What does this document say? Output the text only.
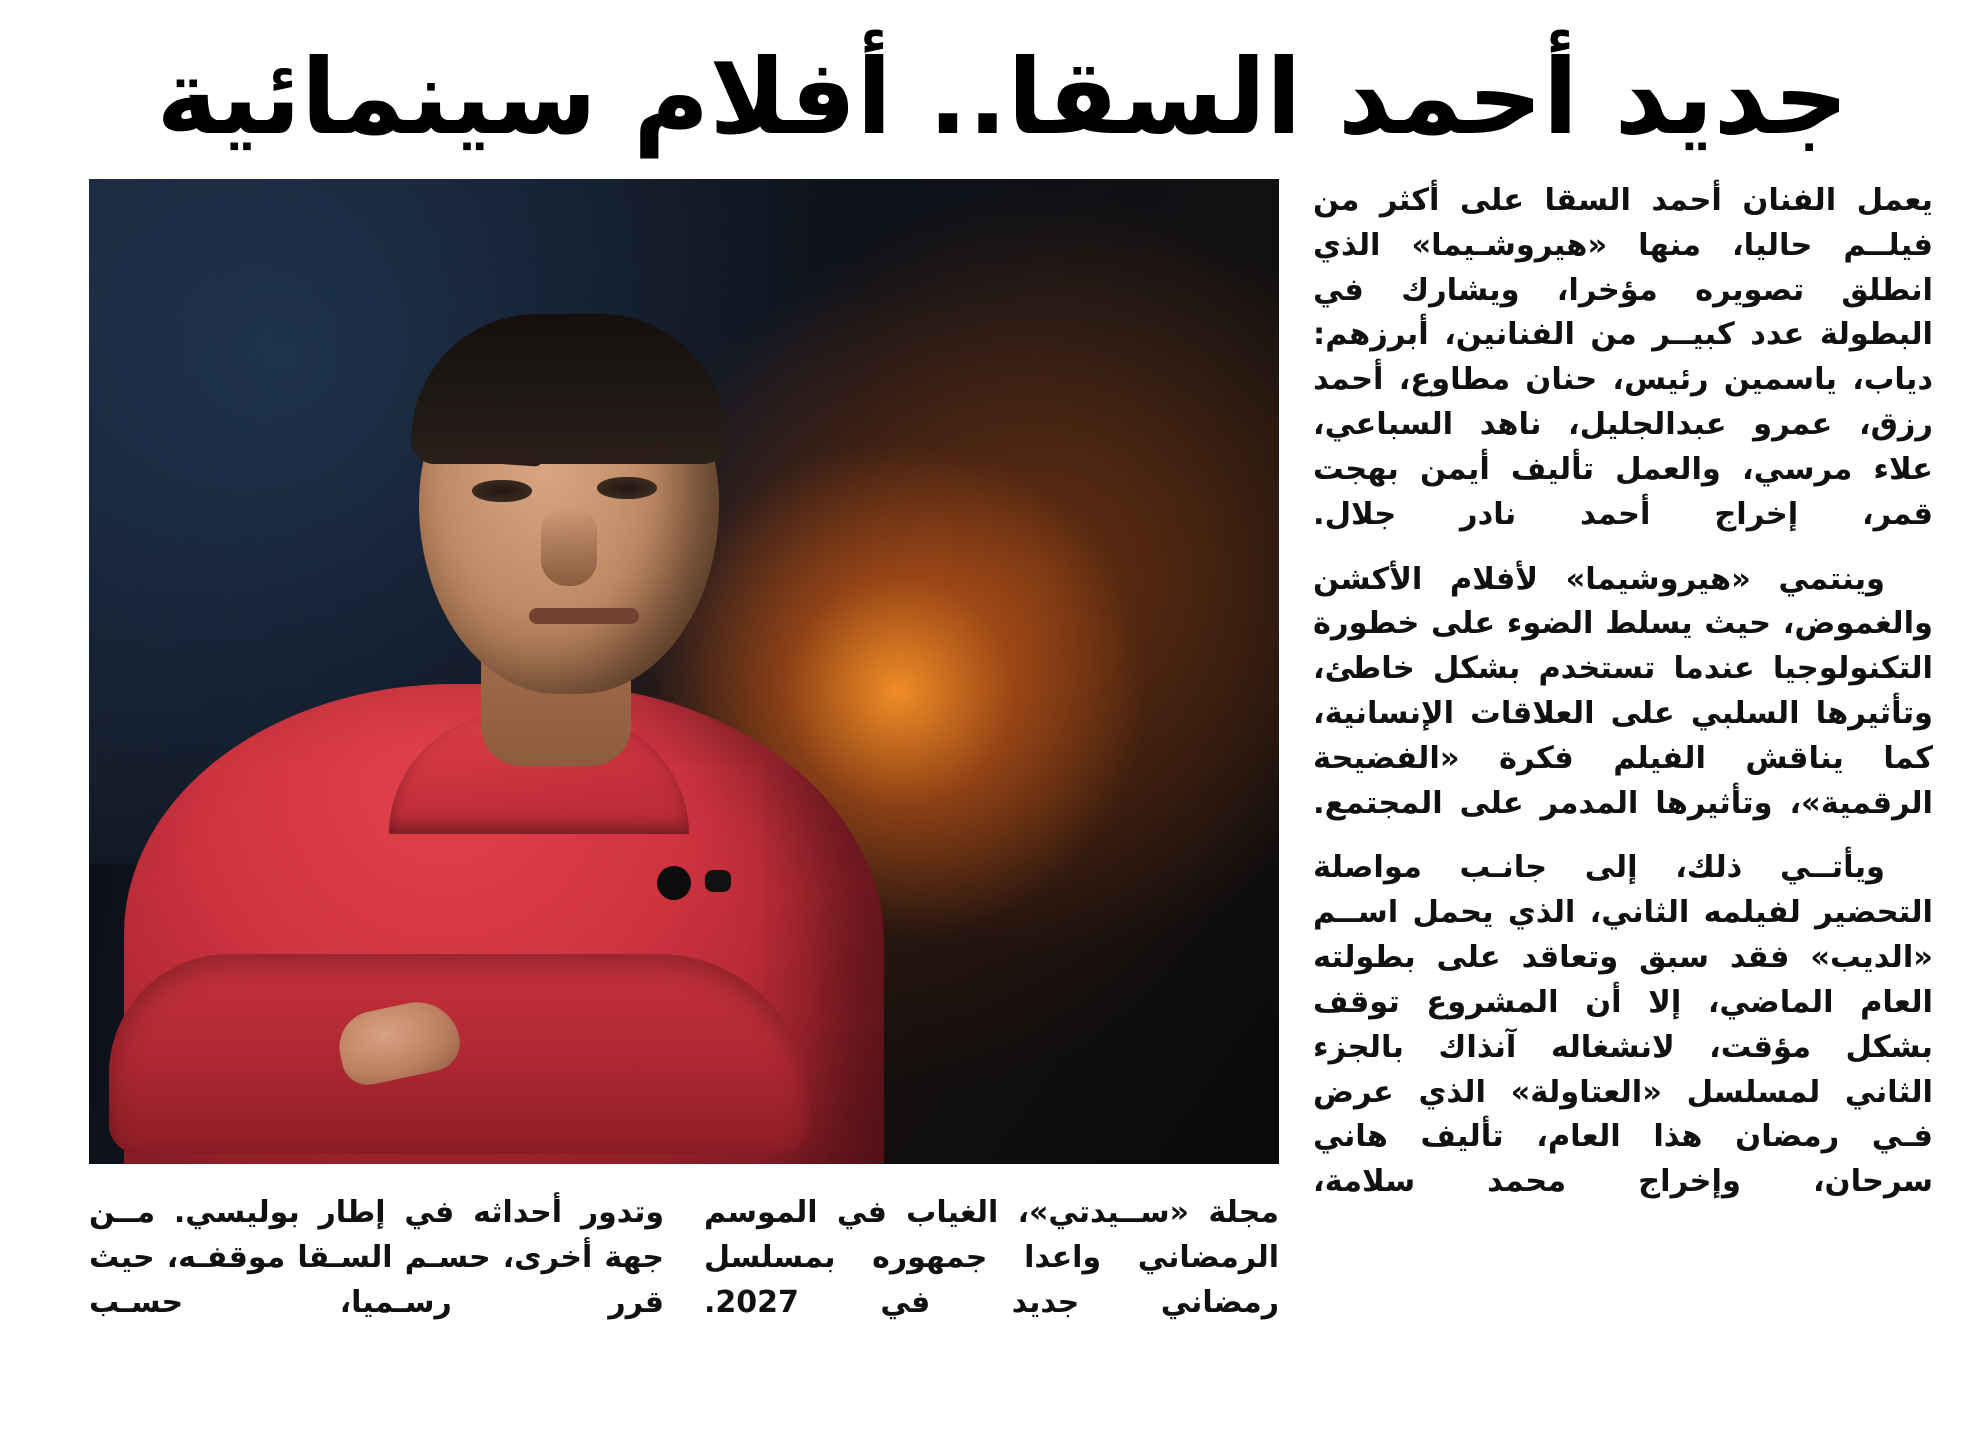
جديد أحمد السقا.. أفلام سينمائية

يعمل الفنان أحمد السقا على أكثر من فيلــم حاليا، منها «هيروشـيما» الذي انطلق تصويره مؤخرا، ويشارك في البطولة عدد كبيــر من الفنانين، أبرزهم: دياب، ياسمين رئيس، حنان مطاوع، أحمد رزق، عمرو عبدالجليل، ناهد السباعي، علاء مرسي، والعمل تأليف أيمن بهجت قمر، إخراج أحمد نادر جلال.

وينتمي «هيروشيما» لأفلام الأكشن والغموض، حيث يسلط الضوء على خطورة التكنولوجيا عندما تستخدم بشكل خاطئ، وتأثيرها السلبي على العلاقات الإنسانية، كما يناقش الفيلم فكرة «الفضيحة الرقمية»، وتأثيرها المدمر على المجتمع.

ويأتــي ذلك، إلى جانـب مواصلة التحضير لفيلمه الثاني، الذي يحمل اســم «الديب» فقد سبق وتعاقد على بطولته العام الماضي، إلا أن المشروع توقف بشكل مؤقت، لانشغاله آنذاك بالجزء الثاني لمسلسل «العتاولة» الذي عرض فـي رمضان هذا العام، تأليف هاني سرحان، وإخراج محمد سلامة،

مجلة «ســيدتي»، الغياب في الموسم الرمضاني واعدا جمهوره بمسلسل رمضاني جديد في 2027.
وتدور أحداثه في إطار بوليسي. مــن جهة أخرى، حسـم السـقا موقفـه، حيث قرر رسـميا، حسـب
